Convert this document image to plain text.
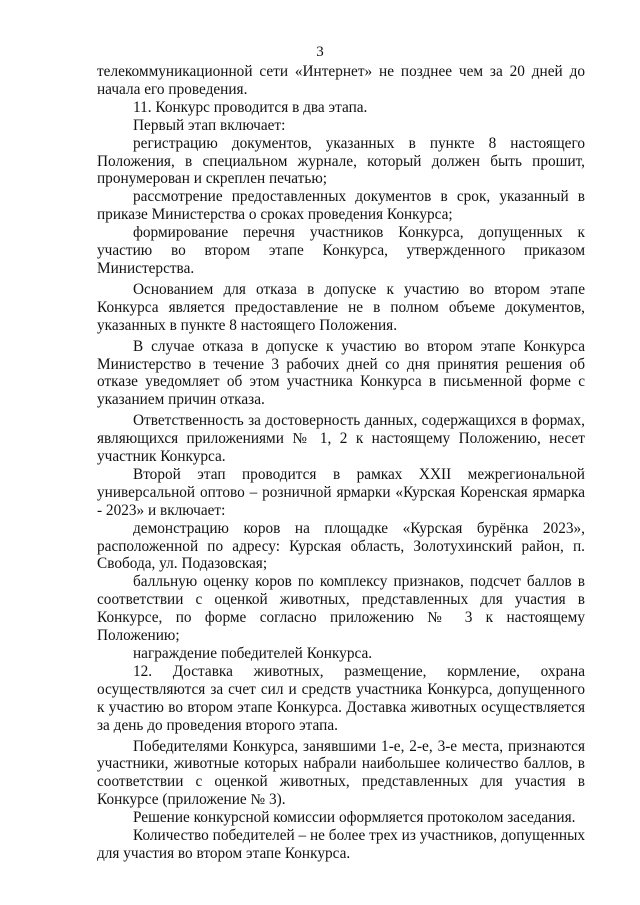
3

телекоммуникационной сети «Интернет» не позднее чем за 20 дней до начала его проведения.

11. Конкурс проводится в два этапа.

Первый этап включает:

регистрацию документов, указанных в пункте 8 настоящего Положения, в специальном журнале, который должен быть прошит, пронумерован и скреплен печатью;

рассмотрение предоставленных документов в срок, указанный в приказе Министерства о сроках проведения Конкурса;

формирование перечня участников Конкурса, допущенных к участию во втором этапе Конкурса, утвержденного приказом Министерства.

Основанием для отказа в допуске к участию во втором этапе Конкурса является предоставление не в полном объеме документов, указанных в пункте 8 настоящего Положения.

В случае отказа в допуске к участию во втором этапе Конкурса Министерство в течение 3 рабочих дней со дня принятия решения об отказе уведомляет об этом участника Конкурса в письменной форме с указанием причин отказа.

Ответственность за достоверность данных, содержащихся в формах, являющихся приложениями № 1, 2 к настоящему Положению, несет участник Конкурса.

Второй этап проводится в рамках XXII межрегиональной универсальной оптово – розничной ярмарки «Курская Коренская ярмарка - 2023» и включает:

демонстрацию коров на площадке «Курская бурёнка 2023», расположенной по адресу: Курская область, Золотухинский район, п. Свобода, ул. Подазовская;

балльную оценку коров по комплексу признаков, подсчет баллов в соответствии с оценкой животных, представленных для участия в Конкурсе, по форме согласно приложению № 3 к настоящему Положению;

награждение победителей Конкурса.

12. Доставка животных, размещение, кормление, охрана осуществляются за счет сил и средств участника Конкурса, допущенного к участию во втором этапе Конкурса. Доставка животных осуществляется за день до проведения второго этапа.

Победителями Конкурса, занявшими 1-е, 2-е, 3-е места, признаются участники, животные которых набрали наибольшее количество баллов, в соответствии с оценкой животных, представленных для участия в Конкурсе (приложение № 3).

Решение конкурсной комиссии оформляется протоколом заседания.

Количество победителей – не более трех из участников, допущенных для участия во втором этапе Конкурса.
